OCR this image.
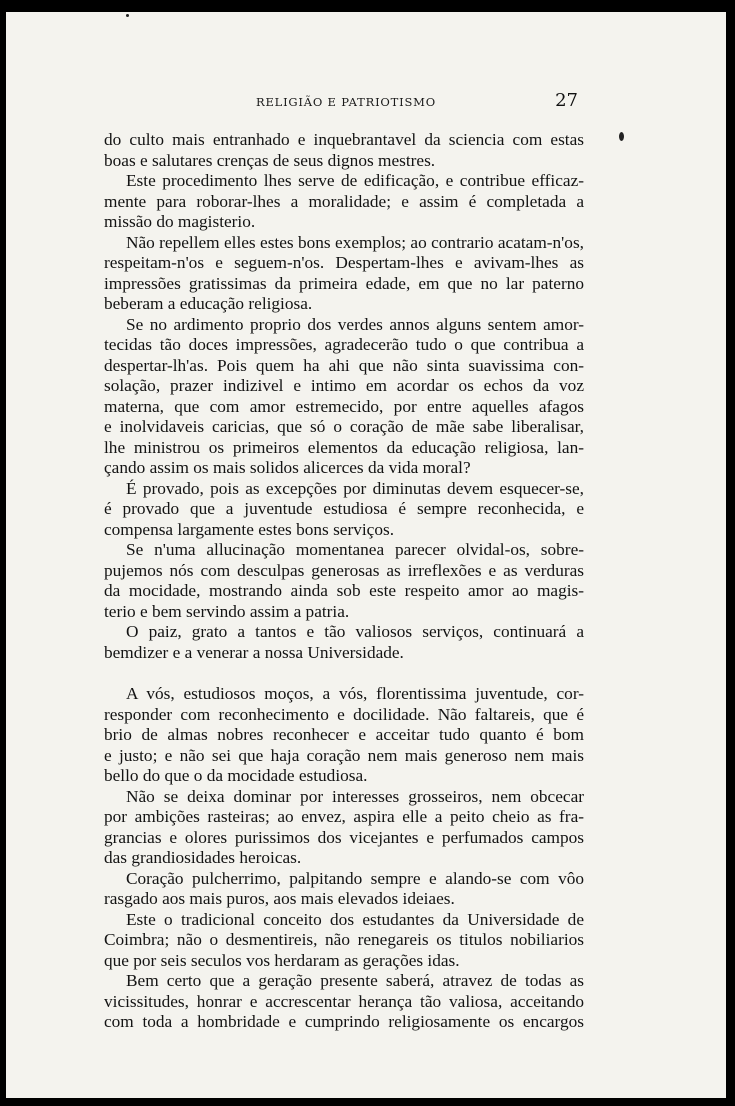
RELIGIÃO E PATRIOTISMO	27
do culto mais entranhado e inquebrantavel da sciencia com estas
boas e salutares crenças de seus dignos mestres.
Este procedimento lhes serve de edificação, e contribue efficaz-
mente para roborar-lhes a moralidade; e assim é completada a
missão do magisterio.
Não repellem elles estes bons exemplos; ao contrario acatam-n'os,
respeitam-n'os e seguem-n'os. Despertam-lhes e avivam-lhes as
impressões gratissimas da primeira edade, em que no lar paterno
beberam a educação religiosa.
Se no ardimento proprio dos verdes annos alguns sentem amor-
tecidas tão doces impressões, agradecerão tudo o que contribua a
despertar-lh'as. Pois quem ha ahi que não sinta suavissima con-
solação, prazer indizivel e intimo em acordar os echos da voz
materna, que com amor estremecido, por entre aquelles afagos
e inolvidaveis caricias, que só o coração de mãe sabe liberalisar,
lhe ministrou os primeiros elementos da educação religiosa, lan-
çando assim os mais solidos alicerces da vida moral?
É provado, pois as excepções por diminutas devem esquecer-se,
é provado que a juventude estudiosa é sempre reconhecida, e
compensa largamente estes bons serviços.
Se n'uma allucinação momentanea parecer olvidal-os, sobre-
pujemos nós com desculpas generosas as irreflexões e as verduras
da mocidade, mostrando ainda sob este respeito amor ao magis-
terio e bem servindo assim a patria.
O paiz, grato a tantos e tão valiosos serviços, continuará a
bemdizer e a venerar a nossa Universidade.
A vós, estudiosos moços, a vós, florentissima juventude, cor-
responder com reconhecimento e docilidade. Não faltareis, que é
brio de almas nobres reconhecer e acceitar tudo quanto é bom
e justo; e não sei que haja coração nem mais generoso nem mais
bello do que o da mocidade estudiosa.
Não se deixa dominar por interesses grosseiros, nem obcecar
por ambições rasteiras; ao envez, aspira elle a peito cheio as fra-
grancias e olores purissimos dos vicejantes e perfumados campos
das grandiosidades heroicas.
Coração pulcherrimo, palpitando sempre e alando-se com vôo
rasgado aos mais puros, aos mais elevados ideiaes.
Este o tradicional conceito dos estudantes da Universidade de
Coimbra; não o desmentireis, não renegareis os titulos nobiliarios
que por seis seculos vos herdaram as gerações idas.
Bem certo que a geração presente saberá, atravez de todas as
vicissitudes, honrar e accrescentar herança tão valiosa, acceitando
com toda a hombridade e cumprindo religiosamente os encargos
